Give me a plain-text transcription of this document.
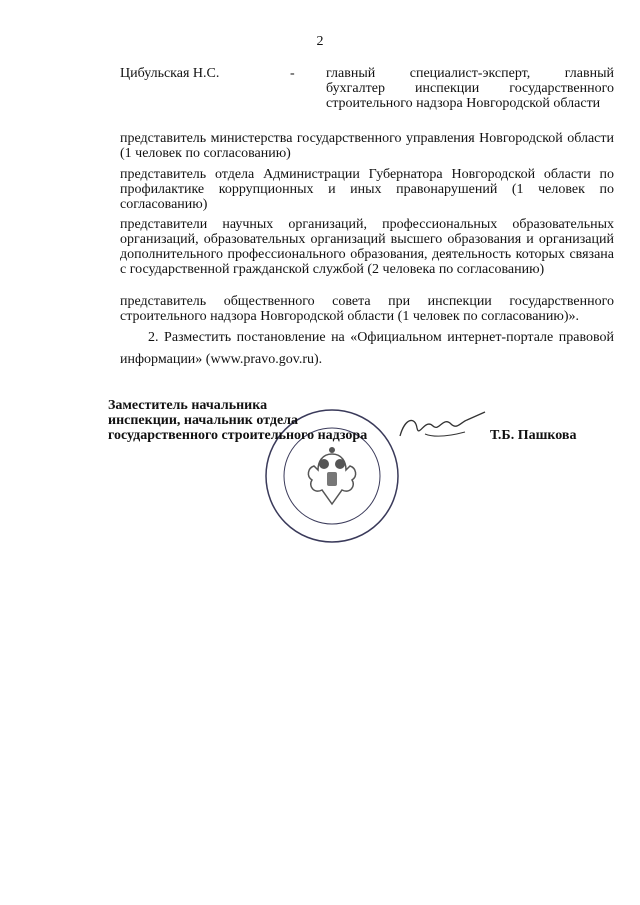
2
Цибульская Н.С.	- главный специалист-эксперт, главный бухгалтер инспекции государственного строительного надзора Новгородской области
представитель министерства государственного управления Новгородской области (1 человек по согласованию)
представитель отдела Администрации Губернатора Новгородской области по профилактике коррупционных и иных правонарушений (1 человек по согласованию)
представители научных организаций, профессиональных образовательных организаций, образовательных организаций высшего образования и организаций дополнительного профессионального образования, деятельность которых связана с государственной гражданской службой (2 человека по согласованию)
представитель общественного совета при инспекции государственного строительного надзора Новгородской области (1 человек по согласованию)».
2. Разместить постановление на «Официальном интернет-портале правовой информации» (www.pravo.gov.ru).
Заместитель начальника
инспекции, начальник отдела
государственного строительного надзора	Т.Б. Пашкова
